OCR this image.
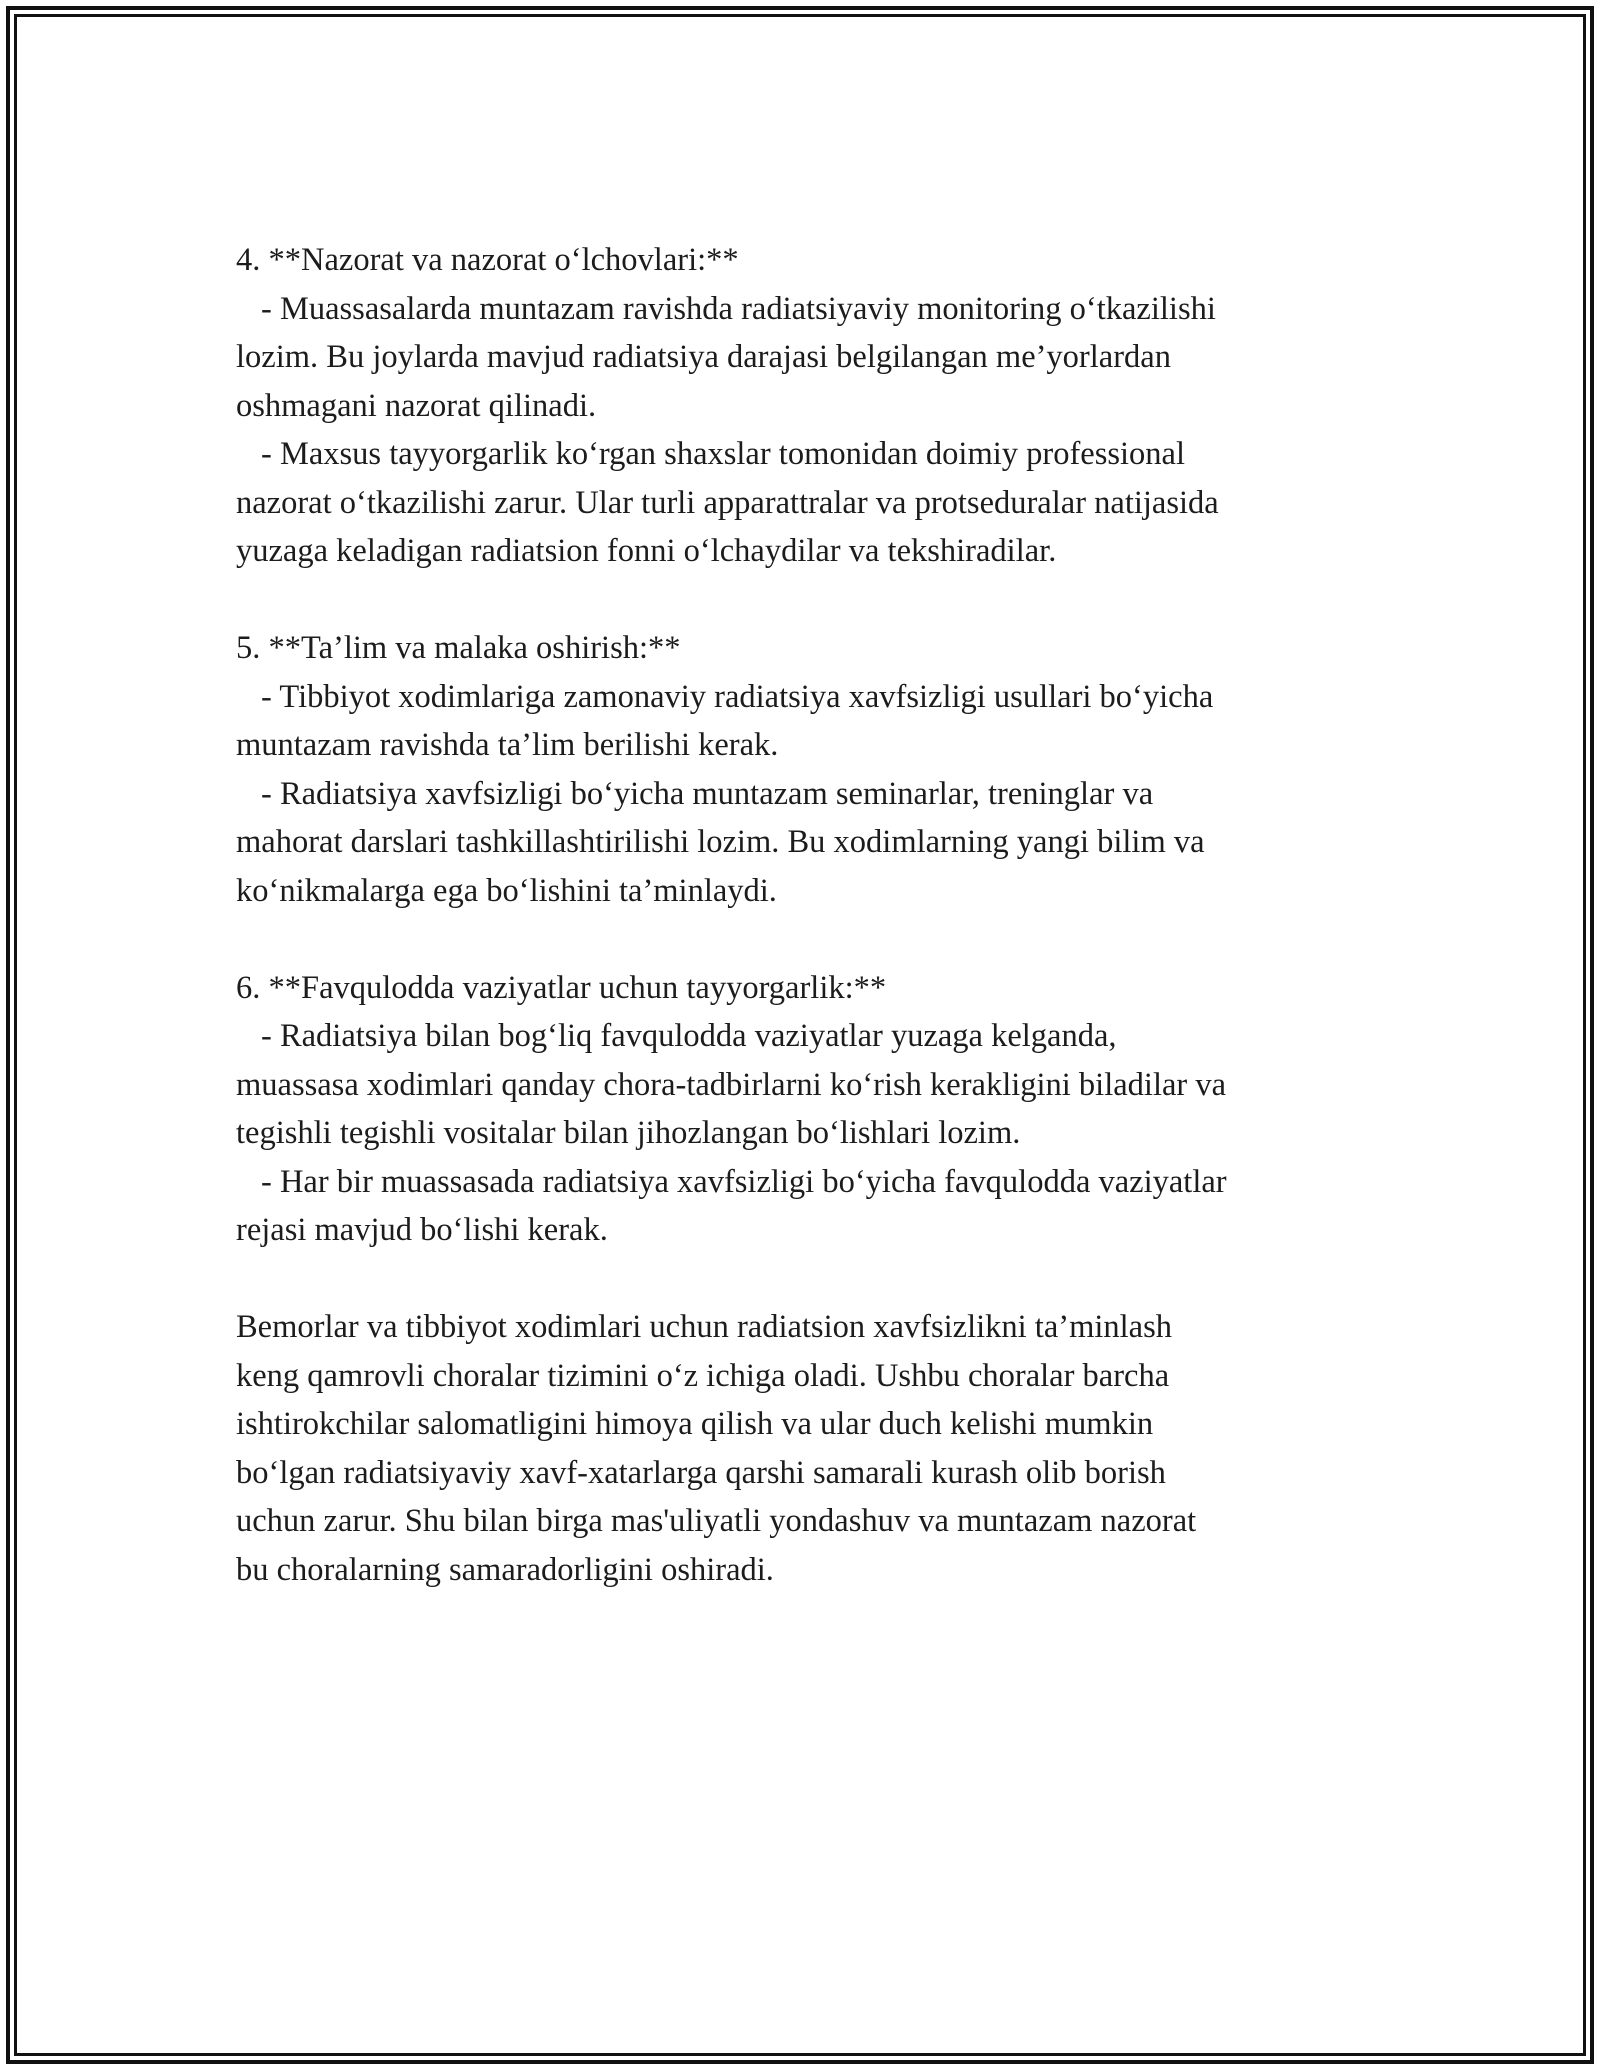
4. **Nazorat va nazorat o‘lchovlari:**
- Muassasalarda muntazam ravishda radiatsiyaviy monitoring o‘tkazilishi
lozim. Bu joylarda mavjud radiatsiya darajasi belgilangan me’yorlardan
oshmagani nazorat qilinadi.
- Maxsus tayyorgarlik ko‘rgan shaxslar tomonidan doimiy professional
nazorat o‘tkazilishi zarur. Ular turli apparattralar va protseduralar natijasida
yuzaga keladigan radiatsion fonni o‘lchaydilar va tekshiradilar.
5. **Ta’lim va malaka oshirish:**
- Tibbiyot xodimlariga zamonaviy radiatsiya xavfsizligi usullari bo‘yicha
muntazam ravishda ta’lim berilishi kerak.
- Radiatsiya xavfsizligi bo‘yicha muntazam seminarlar, treninglar va
mahorat darslari tashkillashtirilishi lozim. Bu xodimlarning yangi bilim va
ko‘nikmalarga ega bo‘lishini ta’minlaydi.
6. **Favqulodda vaziyatlar uchun tayyorgarlik:**
- Radiatsiya bilan bog‘liq favqulodda vaziyatlar yuzaga kelganda,
muassasa xodimlari qanday chora-tadbirlarni ko‘rish kerakligini biladilar va
tegishli tegishli vositalar bilan jihozlangan bo‘lishlari lozim.
- Har bir muassasada radiatsiya xavfsizligi bo‘yicha favqulodda vaziyatlar
rejasi mavjud bo‘lishi kerak.
Bemorlar va tibbiyot xodimlari uchun radiatsion xavfsizlikni ta’minlash
keng qamrovli choralar tizimini o‘z ichiga oladi. Ushbu choralar barcha
ishtirokchilar salomatligini himoya qilish va ular duch kelishi mumkin
bo‘lgan radiatsiyaviy xavf-xatarlarga qarshi samarali kurash olib borish
uchun zarur. Shu bilan birga mas'uliyatli yondashuv va muntazam nazorat
bu choralarning samaradorligini oshiradi.
